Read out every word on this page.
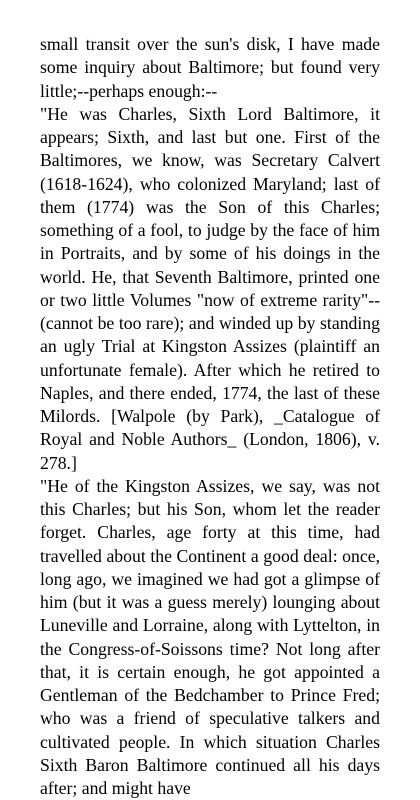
small transit over the sun's disk, I have made some inquiry about Baltimore; but found very little;--perhaps enough:--

"He was Charles, Sixth Lord Baltimore, it appears; Sixth, and last but one. First of the Baltimores, we know, was Secretary Calvert (1618-1624), who colonized Maryland; last of them (1774) was the Son of this Charles; something of a fool, to judge by the face of him in Portraits, and by some of his doings in the world. He, that Seventh Baltimore, printed one or two little Volumes "now of extreme rarity"--(cannot be too rare); and winded up by standing an ugly Trial at Kingston Assizes (plaintiff an unfortunate female). After which he retired to Naples, and there ended, 1774, the last of these Milords. [Walpole (by Park), _Catalogue of Royal and Noble Authors_ (London, 1806), v. 278.]

"He of the Kingston Assizes, we say, was not this Charles; but his Son, whom let the reader forget. Charles, age forty at this time, had travelled about the Continent a good deal: once, long ago, we imagined we had got a glimpse of him (but it was a guess merely) lounging about Luneville and Lorraine, along with Lyttelton, in the Congress-of-Soissons time? Not long after that, it is certain enough, he got appointed a Gentleman of the Bedchamber to Prince Fred; who was a friend of speculative talkers and cultivated people. In which situation Charles Sixth Baron Baltimore continued all his days after; and might have
